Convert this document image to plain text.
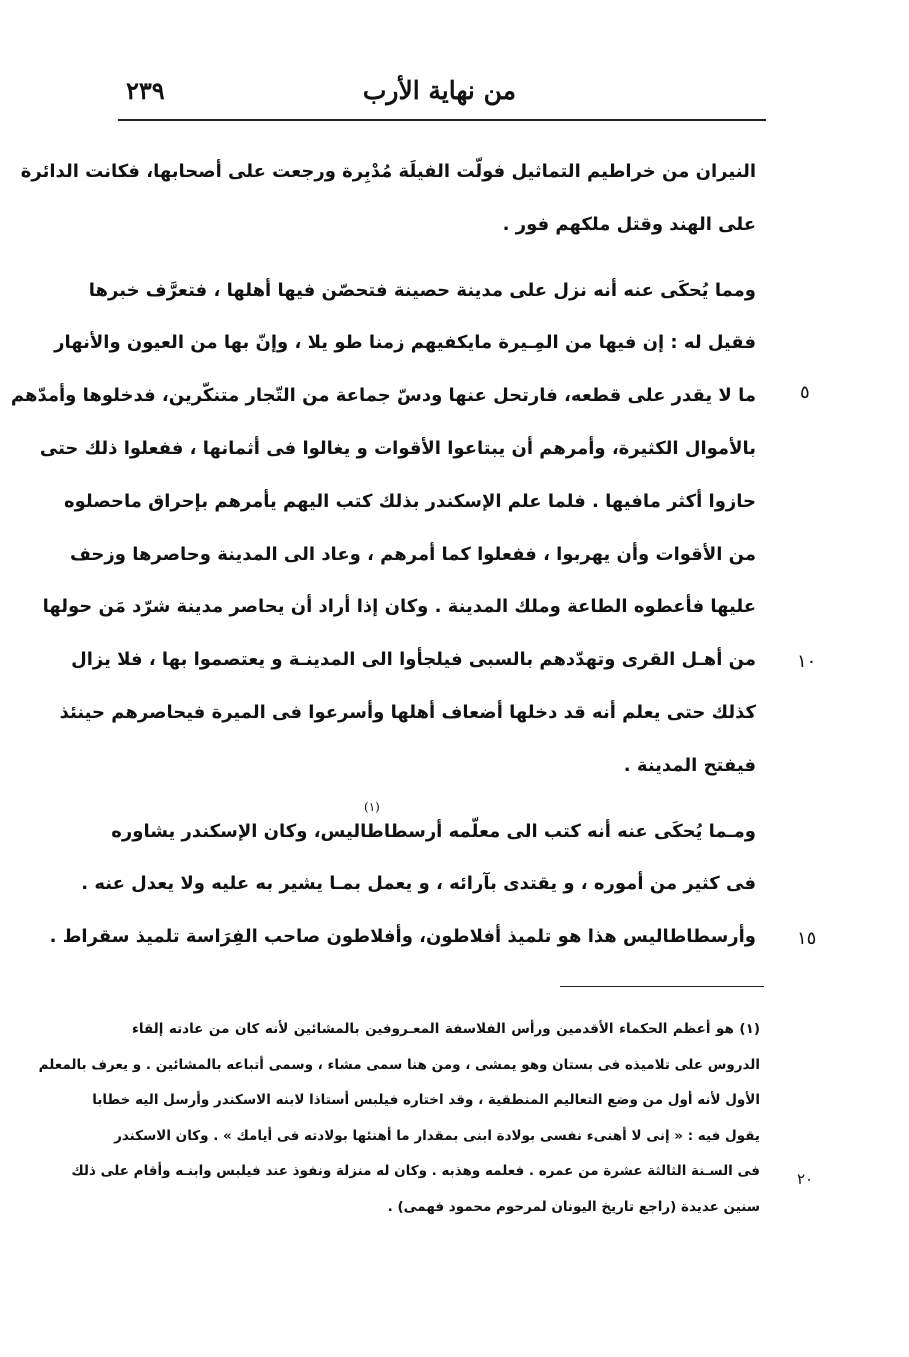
من نهاية الأرب
٢٣٩
النيران من خراطيم التماثيل فولّت الفيلَة مُدْبِرة ورجعت على أصحابها، فكانت الدائرة
على الهند وقتل ملكهم فور .
ومما يُحكَى عنه أنه نزل على مدينة حصينة فتحصّن فيها أهلها ، فتعرَّف خبرها
فقيل له : إن فيها من المِـيرة مايكفيهم زمنا طو يلا ، وإنّ بها من العيون والأنهار
ما لا يقدر على قطعه، فارتحل عنها ودسّ جماعة من التّجار متنكّرين، فدخلوها وأمدّهم
بالأموال الكثيرة، وأمرهم أن يبتاعوا الأقوات و يغالوا فى أثمانها ، ففعلوا ذلك حتى
حازوا أكثر مافيها . فلما علم الإسكندر بذلك كتب اليهم يأمرهم بإحراق ماحصلوه
من الأقوات وأن يهربوا ، ففعلوا كما أمرهم ، وعاد الى المدينة وحاصرها وزحف
عليها فأعطوه الطاعة وملك المدينة . وكان إذا أراد أن يحاصر مدينة شرّد مَن حولها
من أهـل القرى وتهدّدهم بالسبى فيلجأوا الى المدينـة و يعتصموا بها ، فلا يزال
كذلك حتى يعلم أنه قد دخلها أضعاف أهلها وأسرعوا فى الميرة فيحاصرهم حينئذ
فيفتح المدينة .
ومـما يُحكَى عنه أنه كتب الى معلّمه أرسطاطاليس، وكان الإسكندر يشاوره
فى كثير من أموره ، و يقتدى بآرائه ، و يعمل بمـا يشير به عليه ولا يعدل عنه .
وأرسطاطاليس هذا هو تلميذ أفلاطون، وأفلاطون صاحب الفِرَاسة تلميذ سقراط .
(١)
٥
١٠
١٥
(١) هو أعظم الحكماء الأقدمين ورأس الفلاسفة المعـروفين بالمشائين لأنه كان من عادته إلقاء
الدروس على تلاميذه فى بستان وهو يمشى ، ومن هنا سمى مشاء ، وسمى أتباعه بالمشائين . و يعرف بالمعلم
الأول لأنه أول من وضع التعاليم المنطقية ، وقد اختاره فيلبس أستاذا لابنه الاسكندر وأرسل اليه خطابا
يقول فيه : « إنى لا أهنىء نفسى بولادة ابنى بمقدار ما أهنئها بولادته فى أيامك » . وكان الاسكندر
فى السـنة الثالثة عشرة من عمره . فعلمه وهذبه . وكان له منزلة ونفوذ عند فيلبس وابنـه وأقام على ذلك
سنين عديدة (راجع تاريخ اليونان لمرحوم محمود فهمى) .
٢٠
